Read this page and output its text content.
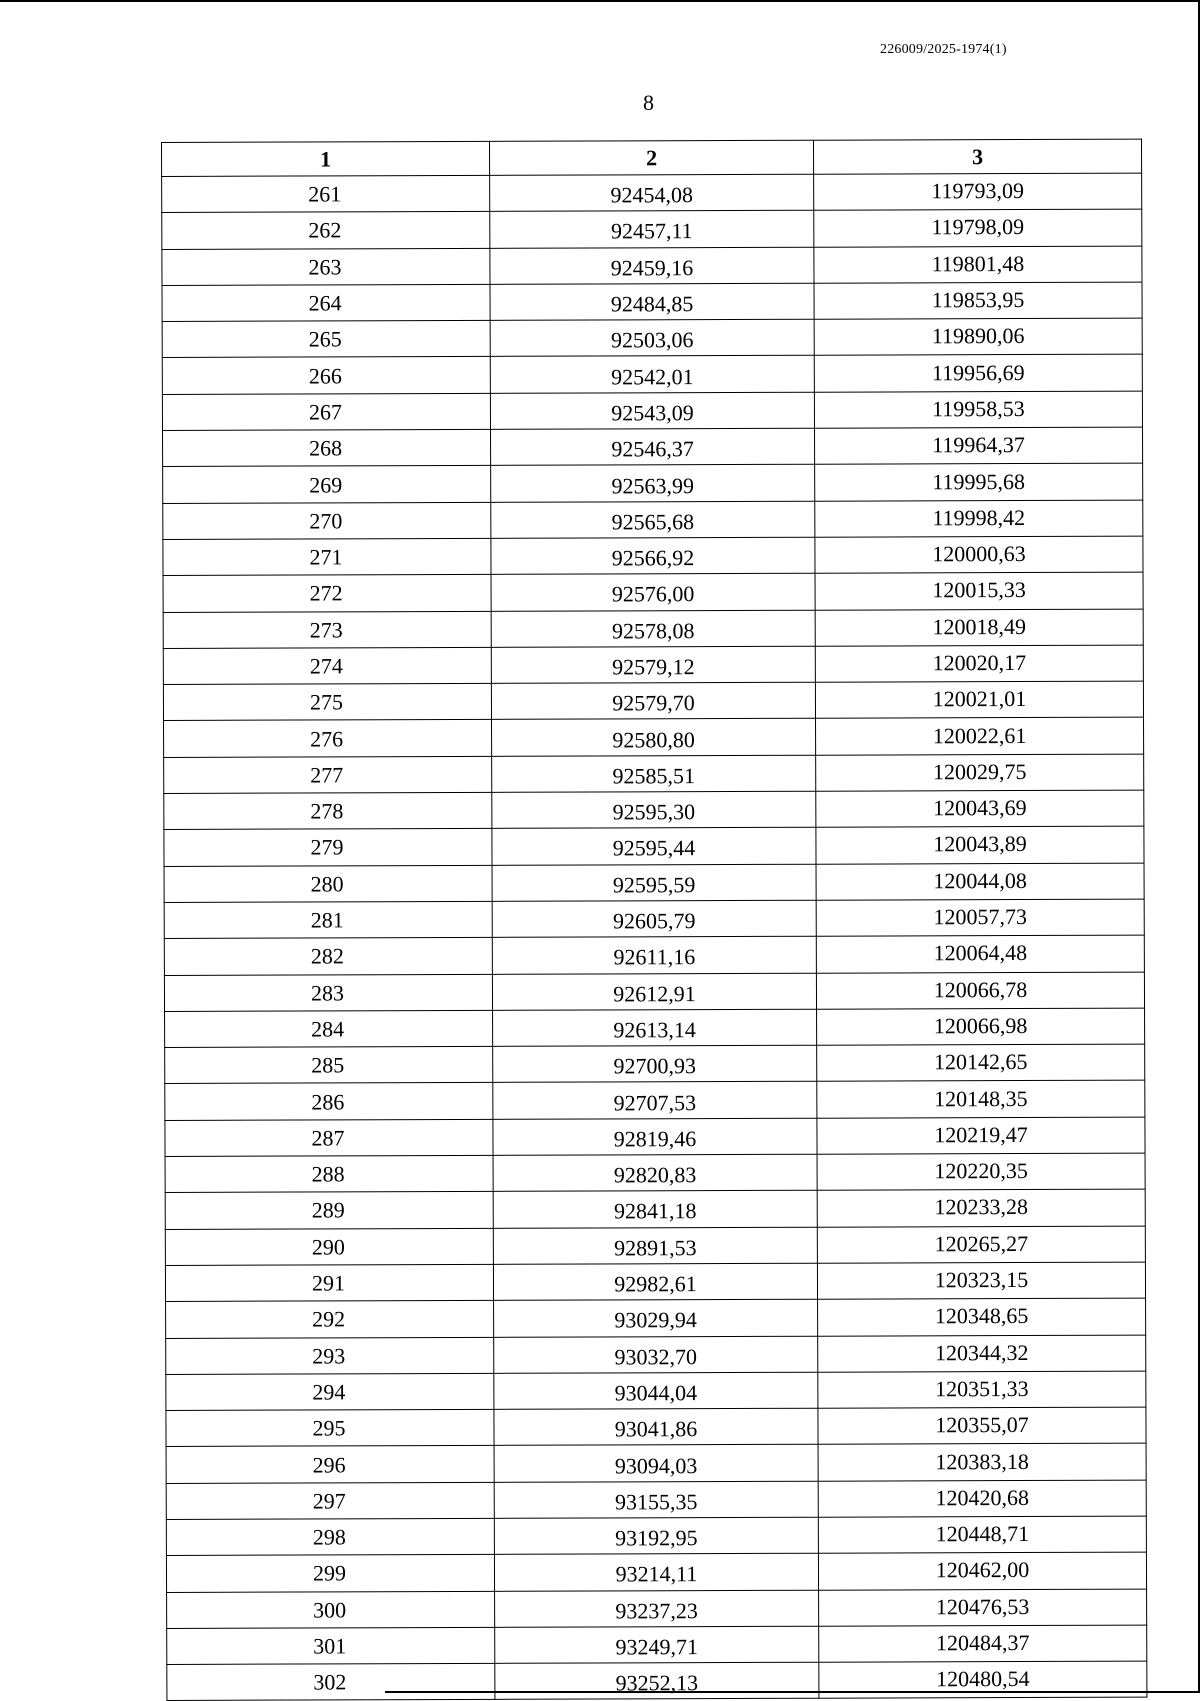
226009/2025-1974(1)
8
1	2	3
261	92454,08	119793,09
262	92457,11	119798,09
263	92459,16	119801,48
264	92484,85	119853,95
265	92503,06	119890,06
266	92542,01	119956,69
267	92543,09	119958,53
268	92546,37	119964,37
269	92563,99	119995,68
270	92565,68	119998,42
271	92566,92	120000,63
272	92576,00	120015,33
273	92578,08	120018,49
274	92579,12	120020,17
275	92579,70	120021,01
276	92580,80	120022,61
277	92585,51	120029,75
278	92595,30	120043,69
279	92595,44	120043,89
280	92595,59	120044,08
281	92605,79	120057,73
282	92611,16	120064,48
283	92612,91	120066,78
284	92613,14	120066,98
285	92700,93	120142,65
286	92707,53	120148,35
287	92819,46	120219,47
288	92820,83	120220,35
289	92841,18	120233,28
290	92891,53	120265,27
291	92982,61	120323,15
292	93029,94	120348,65
293	93032,70	120344,32
294	93044,04	120351,33
295	93041,86	120355,07
296	93094,03	120383,18
297	93155,35	120420,68
298	93192,95	120448,71
299	93214,11	120462,00
300	93237,23	120476,53
301	93249,71	120484,37
302	93252,13	120480,54
